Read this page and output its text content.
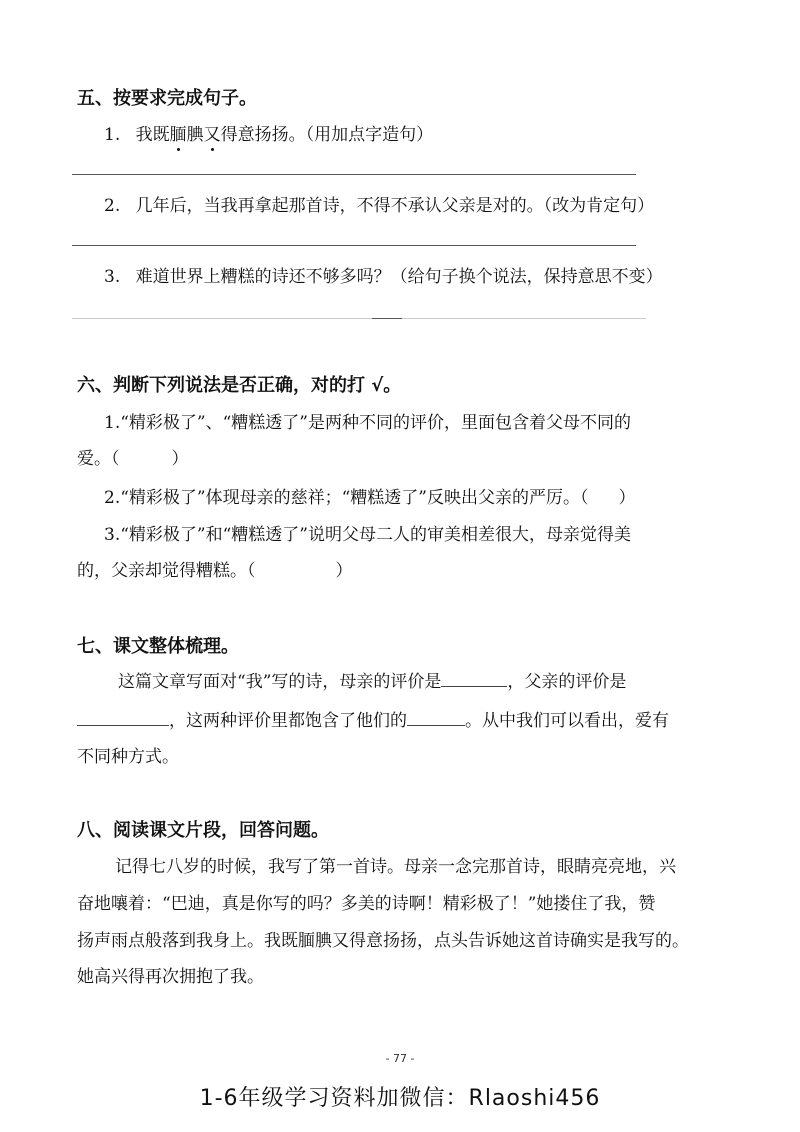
五、按要求完成句子。
1. 我既腼腆又得意扬扬。（用加点字造句）
2. 几年后，当我再拿起那首诗，不得不承认父亲是对的。（改为肯定句）
3. 难道世界上糟糕的诗还不够多吗？（给句子换个说法，保持意思不变）
六、判断下列说法是否正确，对的打 √。
1.“精彩极了”、“糟糕透了”是两种不同的评价，里面包含着父母不同的
爱。（	）
2.“精彩极了”体现母亲的慈祥；“糟糕透了”反映出父亲的严厉。（ ）
3.“精彩极了”和“糟糕透了”说明父母二人的审美相差很大，母亲觉得美
的，父亲却觉得糟糕。（	）
七、课文整体梳理。
这篇文章写面对“我”写的诗，母亲的评价是	，父亲的评价是
，这两种评价里都饱含了他们的	。从中我们可以看出，爱有
不同种方式。
八、阅读课文片段，回答问题。
记得七八岁的时候，我写了第一首诗。母亲一念完那首诗，眼睛亮亮地，兴
奋地嚷着：“巴迪，真是你写的吗？多美的诗啊！精彩极了！”她搂住了我，赞
扬声雨点般落到我身上。我既腼腆又得意扬扬，点头告诉她这首诗确实是我写的。
她高兴得再次拥抱了我。
- 77 -
1-6年级学习资料加微信：Rlaoshi456
